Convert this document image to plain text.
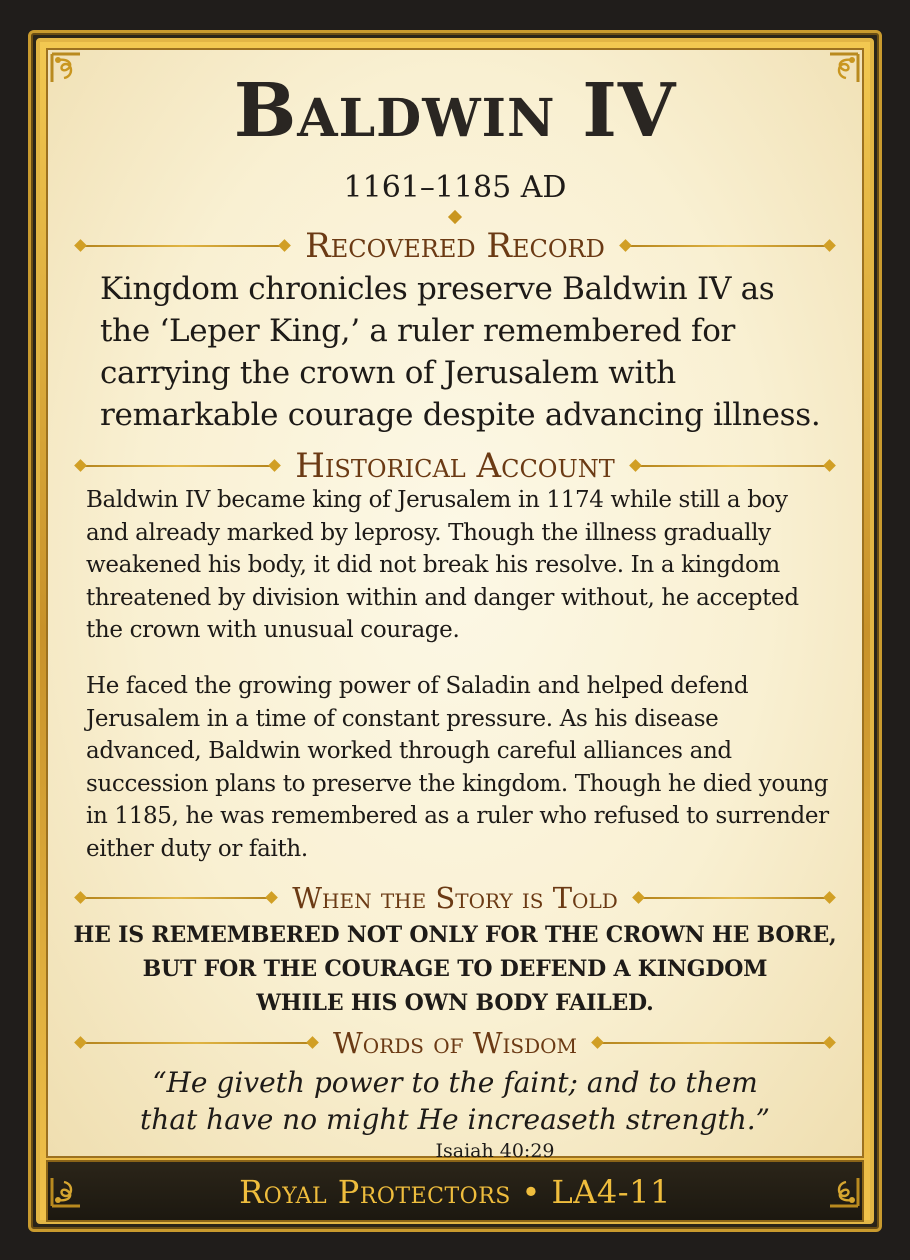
Baldwin IV
1161–1185 AD
Recovered Record
Kingdom chronicles preserve Baldwin IV as the ‘Leper King,’ a ruler remembered for carrying the crown of Jerusalem with remarkable courage despite advancing illness.
Historical Account
Baldwin IV became king of Jerusalem in 1174 while still a boy and already marked by leprosy. Though the illness gradually weakened his body, it did not break his resolve. In a kingdom threatened by division within and danger without, he accepted the crown with unusual courage.
He faced the growing power of Saladin and helped defend Jerusalem in a time of constant pressure. As his disease advanced, Baldwin worked through careful alliances and succession plans to preserve the kingdom. Though he died young in 1185, he was remembered as a ruler who refused to surrender either duty or faith.
When the Story is Told
HE IS REMEMBERED NOT ONLY FOR THE CROWN HE BORE,
BUT FOR THE COURAGE TO DEFEND A KINGDOM
WHILE HIS OWN BODY FAILED.
Words of Wisdom
“He giveth power to the faint; and to them
that have no might He increaseth strength.”
Isaiah 40:29
Royal Protectors • LA4-11
